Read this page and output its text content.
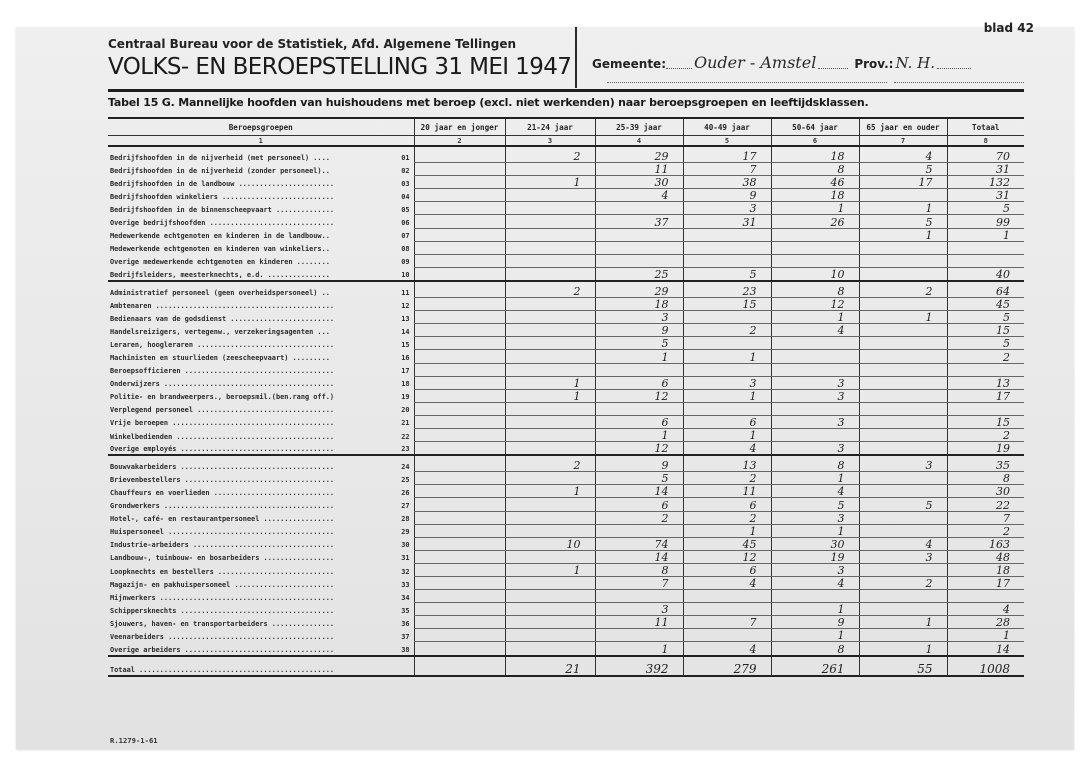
Centraal Bureau voor de Statistiek, Afd. Algemene Tellingen
VOLKS- EN BEROEPSTELLING 31 MEI 1947
blad 42
Gemeente: Ouder - Amstel	Prov.: N. H.
Tabel 15 G. Mannelijke hoofden van huishoudens met beroep (excl. niet werkenden) naar beroepsgroepen en leeftijdsklassen.
Beroepsgroepen	20 jaar en jonger	21-24 jaar	25-39 jaar	40-49 jaar	50-64 jaar	65 jaar en ouder	Totaal
1	2	3	4	5	6	7	8

Bedrijfshoofden in de nijverheid (met personeel) .... 01		2	29	17	18	4	70

Bedrijfshoofden in de nijverheid (zonder personeel).. 02			11	7	8	5	31

Bedrijfshoofden in de landbouw ....................... 03		1	30	38	46	17	132

Bedrijfshoofden winkeliers ........................... 04			4	9	18		31

Bedrijfshoofden in de binnenscheepvaart .............. 05				3	1	1	5

Overige bedrijfshoofden .............................. 06			37	31	26	5	99

Medewerkende echtgenoten en kinderen in de landbouw.. 07						1	1

Medewerkende echtgenoten en kinderen van winkeliers.. 08							

Overige medewerkende echtgenoten en kinderen ........ 09							

Bedrijfsleiders, meesterknechts, e.d. ............... 10			25	5	10		40

Administratief personeel (geen overheidspersoneel) .. 11		2	29	23	8	2	64

Ambtenaren ........................................... 12			18	15	12		45

Bedienaars van de godsdienst ......................... 13			3		1	1	5

Handelsreizigers, vertegenw., verzekeringsagenten ... 14			9	2	4		15

Leraren, hoogleraren ................................. 15			5				5

Machinisten en stuurlieden (zeescheepvaart) ......... 16			1	1			2

Beroepsofficieren .................................... 17							

Onderwijzers ......................................... 18		1	6	3	3		13

Politie- en brandweerpers., beroepsmil.(ben.rang off.) 19		1	12	1	3		17

Verplegend personeel ................................. 20							

Vrije beroepen ....................................... 21			6	6	3		15

Winkelbedienden ...................................... 22			1	1			2

Overige employés ..................................... 23			12	4	3		19

Bouwvakarbeiders ..................................... 24		2	9	13	8	3	35

Brievenbestellers .................................... 25			5	2	1		8

Chauffeurs en voerlieden ............................. 26		1	14	11	4		30

Grondwerkers ......................................... 27			6	6	5	5	22

Hotel-, café- en restaurantpersoneel ................. 28			2	2	3		7

Huispersoneel ........................................ 29				1	1		2

Industrie-arbeiders .................................. 30		10	74	45	30	4	163

Landbouw-, tuinbouw- en bosarbeiders ................. 31			14	12	19	3	48

Loopknechts en bestellers ............................ 32		1	8	6	3		18

Magazijn- en pakhuispersoneel ........................ 33			7	4	4	2	17

Mijnwerkers .......................................... 34							

Schippersknechts ..................................... 35			3		1		4

Sjouwers, haven- en transportarbeiders ............... 36			11	7	9	1	28

Veenarbeiders ........................................ 37					1		1

Overige arbeiders .................................... 38			1	4	8	1	14
Totaal ...............................................		21	392	279	261	55	1008
R.1279-1-61
